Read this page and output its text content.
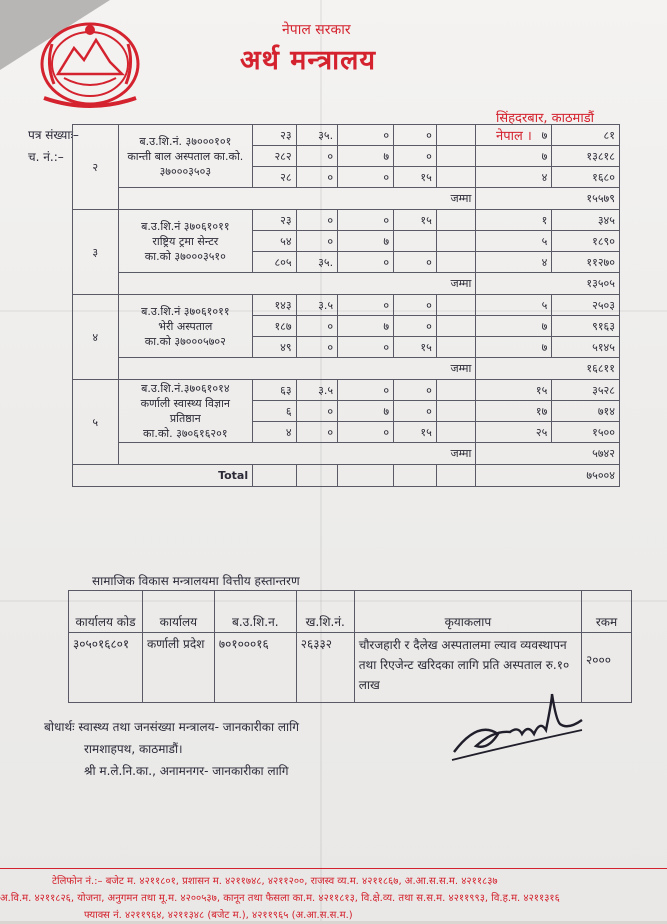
नेपाल सरकार
अर्थ मन्त्रालय
सिंहदरबार, काठमाडौं
नेपाल ।
पत्र संख्याः–
च. नं.:–
२	ब.उ.शि.नं. ३७०००१०१
कान्ती बाल अस्पताल का.को.
३७०००३५०३	२३	३५.	०	०		७	८१
		२८२	०	७	०		७	१३८१८
		२८	०	०	१५		४	१६८०
	जम्मा						१५५७९	
३	ब.उ.शि.नं ३७०६१०११
राष्ट्रिय ट्रमा सेन्टर
का.को ३७०००३५१०	२३	०	०	१५		१	३४५
		५४	०	७			५	१८९०
		८०५	३५.	०	०		४	११२७०
	जम्मा						१३५०५	
४	ब.उ.शि.नं ३७०६१०११
भेरी अस्पताल
का.को ३७०००५७०२	१४३	३.५	०	०		५	२५०३
		१८७	०	७	०		७	९१६३
		४९	०	०	१५		७	५१४५
	जम्मा						१६८११	
५	ब.उ.शि.नं.३७०६१०१४
कर्णाली स्वास्थ्य विज्ञान
प्रतिष्ठान
का.को. ३७०६१६२०१	६३	३.५	०	०		१५	३५२८
		६	०	७	०		१७	७१४
		४	०	०	१५		२५	१५००
	जम्मा						५७४२	
Total							७५००४	
सामाजिक विकास मन्त्रालयमा वित्तीय हस्तान्तरण
कार्यालय कोड	कार्यालय	ब.उ.शि.न.	ख.शि.नं.	कृयाकलाप	रकम
३०५०१६८०१	कर्णाली प्रदेश	७०१०००१६	२६३३२	चौरजहारी र दैलेख अस्पतालमा ल्याव व्यवस्थापन तथा रिएजेन्ट खरिदका लागि प्रति अस्पताल रु.१० लाख	२०००
बोधार्थः स्वास्थ्य तथा जनसंख्या मन्त्रालय- जानकारीका लागि
रामशाहपथ, काठमाडौं।
श्री म.ले.नि.का., अनामनगर- जानकारीका लागि
टेलिफोन नं.:– बजेट म. ४२११८०१, प्रशासन म. ४२११७४८, ४२११२००, राजस्व व्य.म. ४२११८६७, अ.आ.स.स.म. ४२११८३७
अ.वि.म. ४२११८२६, योजना, अनुगमन तथा मू.म. ४२००५३७, कानून तथा फैसला का.म. ४२११८१३, वि.क्षे.व्य. तथा स.स.म. ४२११९९३, वि.ह.म. ४२११३१६
फ्याक्स नं. ४२११९६४, ४२११३४८ (बजेट म.), ४२११९६५ (अ.आ.स.स.म.)
